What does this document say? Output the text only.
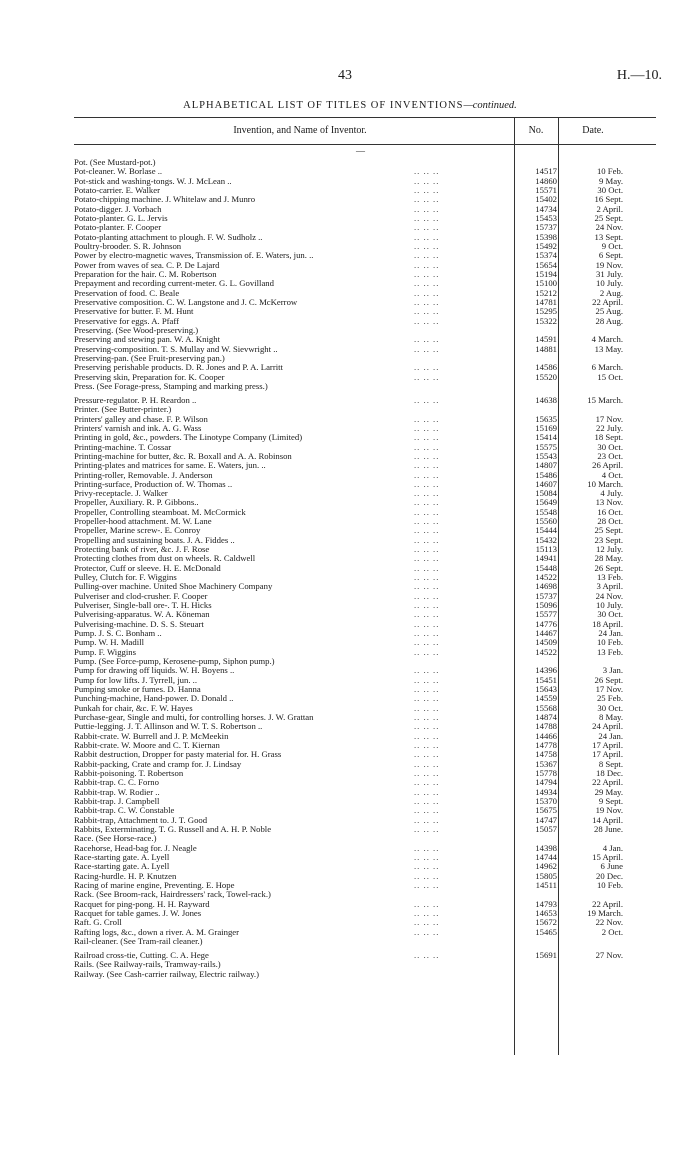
43	H.—10.
ALPHABETICAL LIST OF TITLES OF INVENTIONS—continued.
Invention, and Name of Inventor.	No.	Date.
—
Pot. (See Mustard-pot.)
Pot-cleaner. W. Borlase ..	.. .. ..	14517	10 Feb.
Pot-stick and washing-tongs. W. J. McLean ..	.. .. ..	14860	9 May.
Potato-carrier. E. Walker	.. .. ..	15571	30 Oct.
Potato-chipping machine. J. Whitelaw and J. Munro	.. .. ..	15402	16 Sept.
Potato-digger. J. Vorbach	.. .. ..	14734	2 April.
Potato-planter. G. L. Jervis	.. .. ..	15453	25 Sept.
Potato-planter. F. Cooper	.. .. ..	15737	24 Nov.
Potato-planting attachment to plough. F. W. Sudholz ..	.. .. ..	15398	13 Sept.
Poultry-brooder. S. R. Johnson	.. .. ..	15492	9 Oct.
Power by electro-magnetic waves, Transmission of. E. Waters, jun. ..	.. .. ..	15374	6 Sept.
Power from waves of sea. C. P. De Lajard	.. .. ..	15654	19 Nov.
Preparation for the hair. C. M. Robertson	.. .. ..	15194	31 July.
Prepayment and recording current-meter. G. L. Govilland	.. .. ..	15100	10 July.
Preservation of food. C. Beale	.. .. ..	15212	2 Aug.
Preservative composition. C. W. Langstone and J. C. McKerrow	.. .. ..	14781	22 April.
Preservative for butter. F. M. Hunt	.. .. ..	15295	25 Aug.
Preservative for eggs. A. Pfaff	.. .. ..	15322	28 Aug.
Preserving. (See Wood-preserving.)
Preserving and stewing pan. W. A. Knight	.. .. ..	14591	4 March.
Preserving-composition. T. S. Mullay and W. Sievwright ..	.. .. ..	14881	13 May.
Preserving-pan. (See Fruit-preserving pan.)
Preserving perishable products. D. R. Jones and P. A. Larritt	.. .. ..	14586	6 March.
Preserving skin, Preparation for. K. Cooper	.. .. ..	15520	15 Oct.
Press. (See Forage-press, Stamping and marking press.)
Pressure-regulator. P. H. Reardon ..	.. .. ..	14638	15 March.
Printer. (See Butter-printer.)
Printers' galley and chase. F. P. Wilson	.. .. ..	15635	17 Nov.
Printers' varnish and ink. A. G. Wass	.. .. ..	15169	22 July.
Printing in gold, &c., powders. The Linotype Company (Limited)	.. .. ..	15414	18 Sept.
Printing-machine. T. Cossar	.. .. ..	15575	30 Oct.
Printing-machine for butter, &c. R. Boxall and A. A. Robinson	.. .. ..	15543	23 Oct.
Printing-plates and matrices for same. E. Waters, jun. ..	.. .. ..	14807	26 April.
Printing-roller, Removable. J. Anderson	.. .. ..	15486	4 Oct.
Printing-surface, Production of. W. Thomas ..	.. .. ..	14607	10 March.
Privy-receptacle. J. Walker	.. .. ..	15084	4 July.
Propeller, Auxiliary. R. P. Gibbons..	.. .. ..	15649	13 Nov.
Propeller, Controlling steamboat. M. McCormick	.. .. ..	15548	16 Oct.
Propeller-hood attachment. M. W. Lane	.. .. ..	15560	28 Oct.
Propeller, Marine screw-. E. Conroy	.. .. ..	15444	25 Sept.
Propelling and sustaining boats. J. A. Fiddes ..	.. .. ..	15432	23 Sept.
Protecting bank of river, &c. J. F. Rose	.. .. ..	15113	12 July.
Protecting clothes from dust on wheels. R. Caldwell	.. .. ..	14941	28 May.
Protector, Cuff or sleeve. H. E. McDonald	.. .. ..	15448	26 Sept.
Pulley, Clutch for. F. Wiggins	.. .. ..	14522	13 Feb.
Pulling-over machine. United Shoe Machinery Company	.. .. ..	14698	3 April.
Pulveriser and clod-crusher. F. Cooper	.. .. ..	15737	24 Nov.
Pulveriser, Single-ball ore-. T. H. Hicks	.. .. ..	15096	10 July.
Pulverising-apparatus. W. A. Köneman	.. .. ..	15577	30 Oct.
Pulverising-machine. D. S. S. Steuart	.. .. ..	14776	18 April.
Pump. J. S. C. Bonham ..	.. .. ..	14467	24 Jan.
Pump. W. H. Madill	.. .. ..	14509	10 Feb.
Pump. F. Wiggins	.. .. ..	14522	13 Feb.
Pump. (See Force-pump, Kerosene-pump, Siphon pump.)
Pump for drawing off liquids. W. H. Boyens ..	.. .. ..	14396	3 Jan.
Pump for low lifts. J. Tyrrell, jun. ..	.. .. ..	15451	26 Sept.
Pumping smoke or fumes. D. Hanna	.. .. ..	15643	17 Nov.
Punching-machine, Hand-power. D. Donald ..	.. .. ..	14559	25 Feb.
Punkah for chair, &c. F. W. Hayes	.. .. ..	15568	30 Oct.
Purchase-gear, Single and multi, for controlling horses. J. W. Grattan	.. .. ..	14874	8 May.
Puttie-legging. J. T. Allinson and W. T. S. Robertson ..	.. .. ..	14788	24 April.
Rabbit-crate. W. Burrell and J. P. McMeekin	.. .. ..	14466	24 Jan.
Rabbit-crate. W. Moore and C. T. Kiernan	.. .. ..	14778	17 April.
Rabbit destruction, Dropper for pasty material for. H. Grass	.. .. ..	14758	17 April.
Rabbit-packing, Crate and cramp for. J. Lindsay	.. .. ..	15367	8 Sept.
Rabbit-poisoning. T. Robertson	.. .. ..	15778	18 Dec.
Rabbit-trap. C. C. Forno	.. .. ..	14794	22 April.
Rabbit-trap. W. Rodier ..	.. .. ..	14934	29 May.
Rabbit-trap. J. Campbell	.. .. ..	15370	9 Sept.
Rabbit-trap. C. W. Constable	.. .. ..	15675	19 Nov.
Rabbit-trap, Attachment to. J. T. Good	.. .. ..	14747	14 April.
Rabbits, Exterminating. T. G. Russell and A. H. P. Noble	.. .. ..	15057	28 June.
Race. (See Horse-race.)
Racehorse, Head-bag for. J. Neagle	.. .. ..	14398	4 Jan.
Race-starting gate. A. Lyell	.. .. ..	14744	15 April.
Race-starting gate. A. Lyell	.. .. ..	14962	6 June
Racing-hurdle. H. P. Knutzen	.. .. ..	15805	20 Dec.
Racing of marine engine, Preventing. E. Hope	.. .. ..	14511	10 Feb.
Rack. (See Broom-rack, Hairdressers' rack, Towel-rack.)
Racquet for ping-pong. H. H. Rayward	.. .. ..	14793	22 April.
Racquet for table games. J. W. Jones	.. .. ..	14653	19 March.
Raft. G. Croll	.. .. ..	15672	22 Nov.
Rafting logs, &c., down a river. A. M. Grainger	.. .. ..	15465	2 Oct.
Rail-cleaner. (See Tram-rail cleaner.)
Railroad cross-tie, Cutting. C. A. Hege	.. .. ..	15691	27 Nov.
Rails. (See Railway-rails, Tramway-rails.)
Railway. (See Cash-carrier railway, Electric railway.)
